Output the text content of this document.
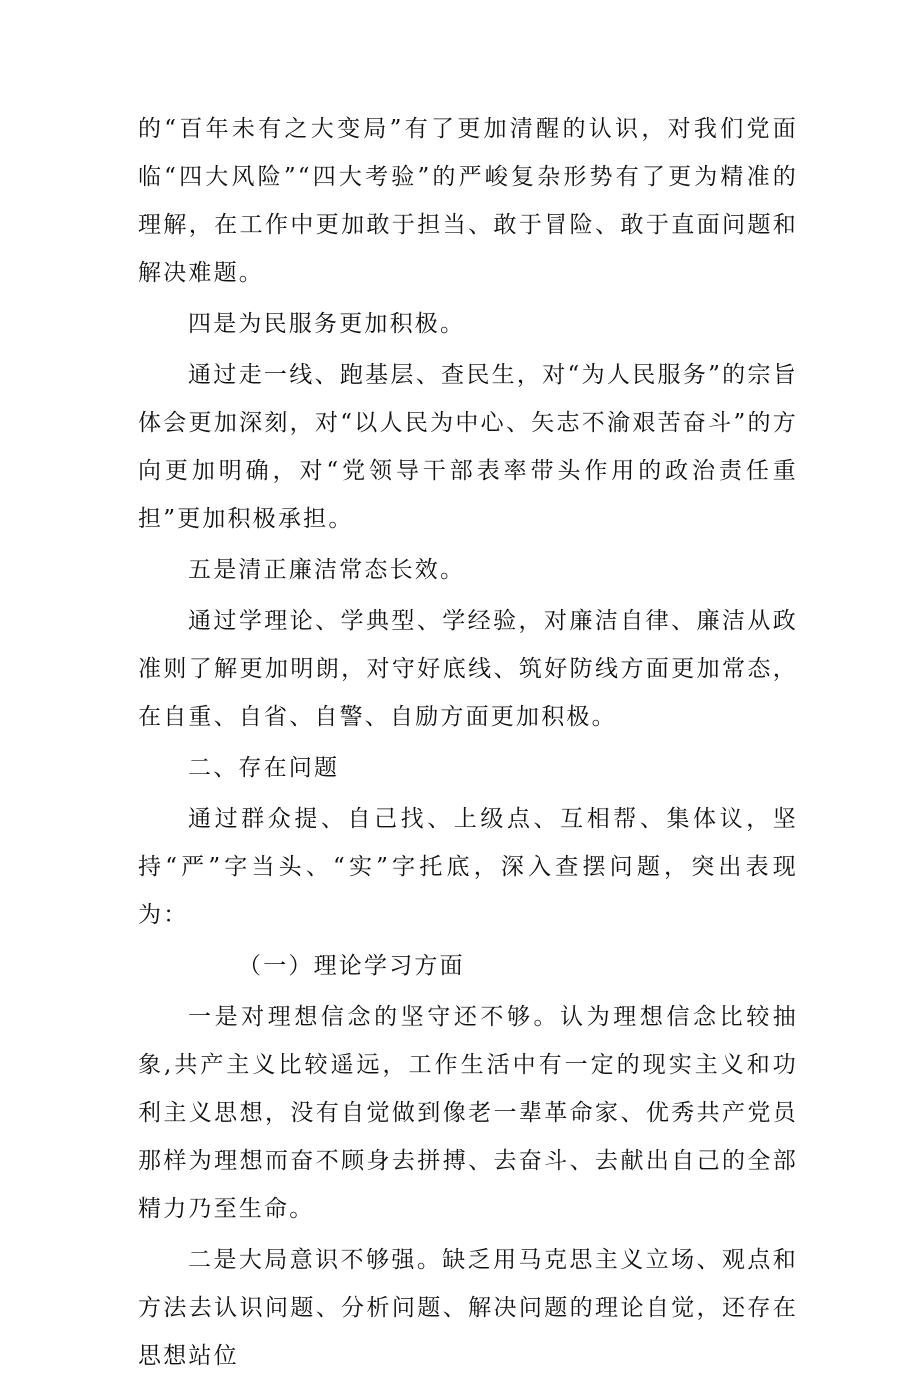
的“百年未有之大变局”有了更加清醒的认识，对我们党面临“四大风险”“四大考验”的严峻复杂形势有了更为精准的理解，在工作中更加敢于担当、敢于冒险、敢于直面问题和解决难题。

四是为民服务更加积极。

通过走一线、跑基层、查民生，对“为人民服务”的宗旨体会更加深刻，对“以人民为中心、矢志不渝艰苦奋斗”的方向更加明确，对“党领导干部表率带头作用的政治责任重担”更加积极承担。

五是清正廉洁常态长效。

通过学理论、学典型、学经验，对廉洁自律、廉洁从政准则了解更加明朗，对守好底线、筑好防线方面更加常态，在自重、自省、自警、自励方面更加积极。

二、存在问题

通过群众提、自己找、上级点、互相帮、集体议，坚持“严”字当头、“实”字托底，深入查摆问题，突出表现为：

（一）理论学习方面

一是对理想信念的坚守还不够。认为理想信念比较抽象,共产主义比较遥远，工作生活中有一定的现实主义和功利主义思想，没有自觉做到像老一辈革命家、优秀共产党员那样为理想而奋不顾身去拼搏、去奋斗、去献出自己的全部精力乃至生命。

二是大局意识不够强。缺乏用马克思主义立场、观点和方法去认识问题、分析问题、解决问题的理论自觉，还存在思想站位
